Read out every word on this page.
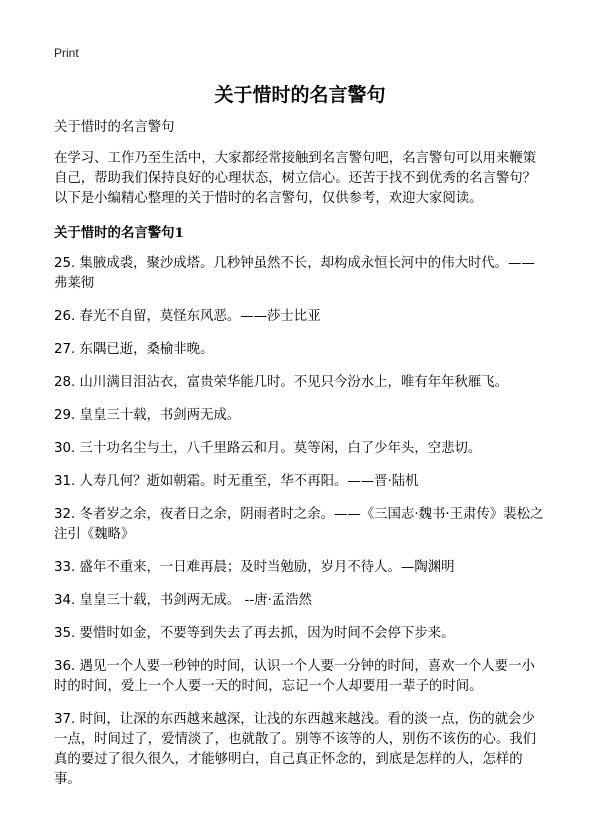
Print
关于惜时的名言警句

关于惜时的名言警句

在学习、工作乃至生活中，大家都经常接触到名言警句吧，名言警句可以用来鞭策自己，帮助我们保持良好的心理状态，树立信心。还苦于找不到优秀的名言警句？以下是小编精心整理的关于惜时的名言警句，仅供参考，欢迎大家阅读。

关于惜时的名言警句1

25. 集腋成裘，聚沙成塔。几秒钟虽然不长，却构成永恒长河中的伟大时代。——弗莱彻

26. 春光不自留，莫怪东风恶。——莎士比亚

27. 东隅已逝，桑榆非晚。

28. 山川满目泪沾衣，富贵荣华能几时。不见只今汾水上，唯有年年秋雁飞。

29. 皇皇三十载，书剑两无成。

30. 三十功名尘与土，八千里路云和月。莫等闲，白了少年头，空悲切。

31. 人寿几何？逝如朝霜。时无重至，华不再阳。——晋·陆机

32. 冬者岁之余，夜者日之余，阴雨者时之余。——《三国志·魏书·王肃传》裴松之注引《魏略》

33. 盛年不重来，一日难再晨；及时当勉励，岁月不待人。—陶渊明

34. 皇皇三十载，书剑两无成。 --唐·孟浩然

35. 要惜时如金，不要等到失去了再去抓，因为时间不会停下步来。

36. 遇见一个人要一秒钟的时间，认识一个人要一分钟的时间，喜欢一个人要一小时的时间，爱上一个人要一天的时间，忘记一个人却要用一辈子的时间。

37. 时间，让深的东西越来越深，让浅的东西越来越浅。看的淡一点，伤的就会少一点，时间过了，爱情淡了，也就散了。别等不该等的人，别伤不该伤的心。我们真的要过了很久很久，才能够明白，自己真正怀念的，到底是怎样的人，怎样的事。
